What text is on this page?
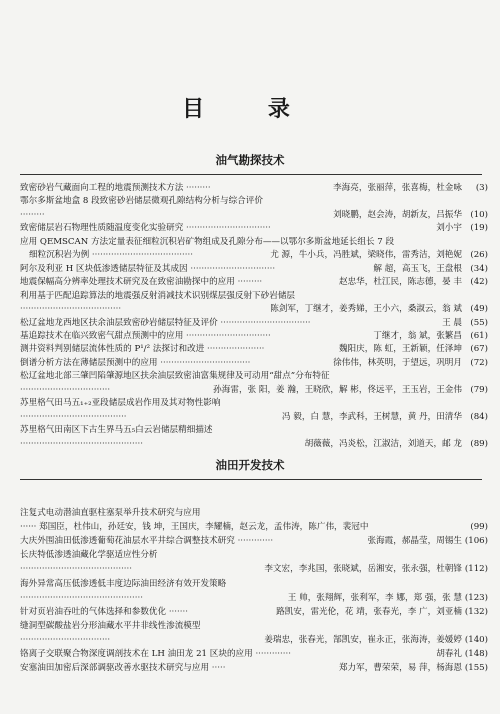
目 录
油气勘探技术
致密砂岩气藏面向工程的地震预测技术方法 ·········	李海亮，张丽萍，张喜梅，杜金咏 (3)
鄂尔多斯盆地盒 8 段致密砂岩储层微观孔隙结构分析与综合评价
·········	刘晓鹏，赵会涛，胡新友，吕振华 (10)
致密储层岩石物理性质随温度变化实验研究 ·······························	刘小宇 (19)
应用 QEMSCAN 方法定量表征细粒沉积岩矿物组成及孔隙分布——以鄂尔多斯盆地延长组长 7 段
细粒沉积岩为例 ·····································	尤 源，牛小兵，冯胜斌，梁晓伟，雷秀洁，刘艳妮 (26)
阿尔及利亚 H 区块低渗透储层特征及其成因 ·······························	解 超，高玉飞，王盘根 (34)
地震保幅高分辨率处理技术研究及在致密油勘探中的应用 ·········	赵忠华，杜江民，陈志德，晏 丰 (42)
利用基于匹配追踪算法的地震强反射消减技术识别煤层强反射下砂岩储层
·····································	陈剑军，丁继才，姜秀娣，王小六，桑淑云，翁 斌 (49)
松辽盆地龙西地区扶余油层致密砂岩储层特征及评价 ·································	王 晨 (55)
基追踪技术在临兴致密气甜点预测中的应用 ·······························	丁继才，翁 斌，张繁昌 (61)
测井资料判别储层流体性质的 P¹/² 法探讨和改进 ·····················	魏阳庆，陈 虹，王新颖，任泽坤 (67)
倒谱分析方法在薄储层预测中的应用 ·································	徐伟伟，林英明，于望远，巩明月 (72)
松辽盆地北部三肇凹陷肇源地区扶余油层致密油富集规律及可动用“甜点”分布特征
·································	孙海雷，张 阳，姜 瀚，王晓欣，解 彬，佟远平，王玉岩，王金伟 (79)
苏里格气田马五₁₊₂亚段储层成岩作用及其对物性影响
·······································	冯 毅，白 慧，李武科，王树慧，黄 丹，田清华 (84)
苏里格气田南区下古生界马五₅白云岩储层精细描述
·············································	胡薇薇，冯炎松，江淑洁，刘道天，邮 龙 (89)
油田开发技术
注复式电动潜油直驱柱塞泵举升技术研究与应用
······ 郑国臣，杜伟山，孙廷安，钱 坤，王国庆，李耀楠，赵云龙，孟伟涛，陈广伟，裴冠中	(99)
大庆外围油田低渗透葡萄花油层水平井综合调整技术研究 ·············	张海霞，郝晶莹，周锡生 (106)
长庆特低渗透油藏化学驱适应性分析
·········································	李文宏，李兆国，张晓斌，岳湘安，张永强，杜朝锋 (112)
海外异常高压低渗透低丰度边际油田经济有效开发策略
·············································	王 帅，张翔辉，张利军，李 娜，郑 强，张 慧 (123)
针对页岩油吞吐的气体选择和参数优化 ·······	路凯安，雷光伦，花 靖，张春光，李 广，刘亚楠 (132)
缝洞型碳酸盐岩分形油藏水平井非线性渗流模型
·································	姜瑞忠，张春光，郜凯安，崔永正，张海涛，姜媛婷 (140)
铬离子交联聚合物深度调剖技术在 LH 油田龙 21 区块的应用 ·············	胡春礼 (148)
安塞油田加密后深部调驱改善水驱技术研究与应用 ·····	郑力军，曹荣荣，易 萍，杨海恩 (155)
